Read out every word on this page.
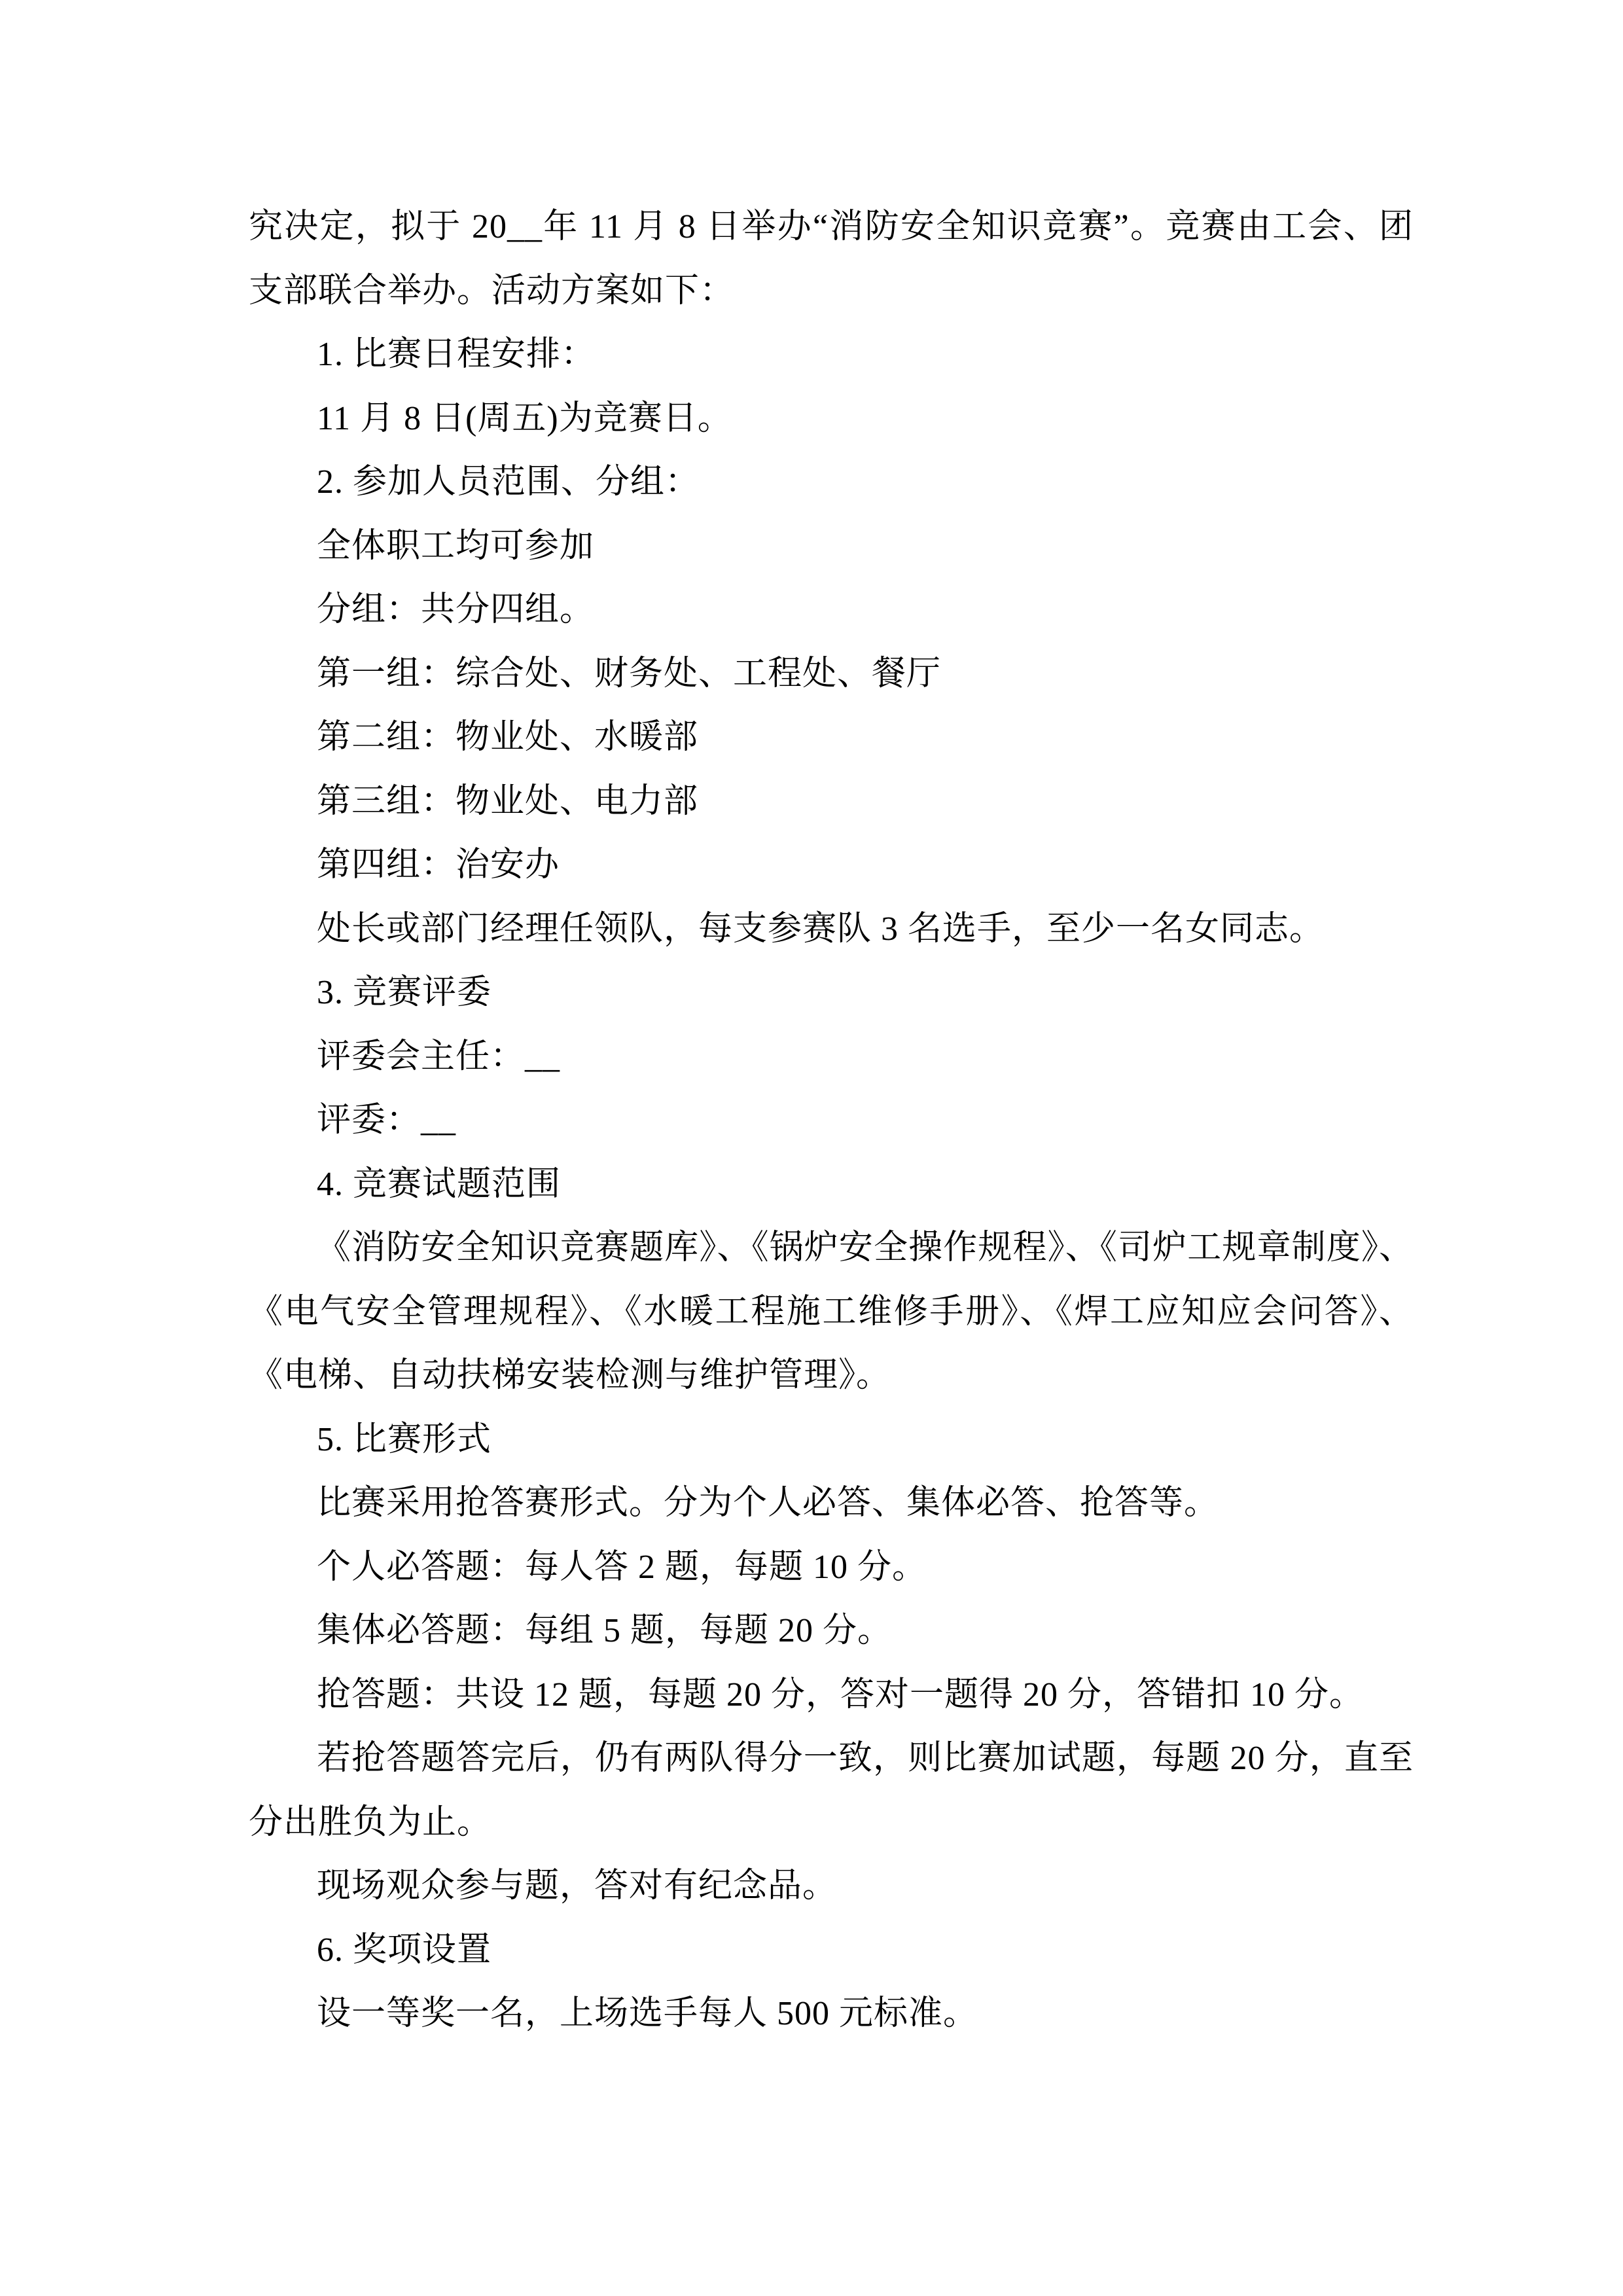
究决定，拟于 20__年 11 月 8 日举办“消防安全知识竞赛”。竞赛由工会、团支部联合举办。活动方案如下：

1. 比赛日程安排：

11 月 8 日(周五)为竞赛日。

2. 参加人员范围、分组：

全体职工均可参加

分组：共分四组。

第一组：综合处、财务处、工程处、餐厅

第二组：物业处、水暖部

第三组：物业处、电力部

第四组：治安办

处长或部门经理任领队，每支参赛队 3 名选手，至少一名女同志。

3. 竞赛评委

评委会主任：__

评委：__

4. 竞赛试题范围

《消防安全知识竞赛题库》、《锅炉安全操作规程》、《司炉工规章制度》、《电气安全管理规程》、《水暖工程施工维修手册》、《焊工应知应会问答》、《电梯、自动扶梯安装检测与维护管理》。

5. 比赛形式

比赛采用抢答赛形式。分为个人必答、集体必答、抢答等。

个人必答题：每人答 2 题，每题 10 分。

集体必答题：每组 5 题，每题 20 分。

抢答题：共设 12 题，每题 20 分，答对一题得 20 分，答错扣 10 分。

若抢答题答完后，仍有两队得分一致，则比赛加试题，每题 20 分，直至分出胜负为止。

现场观众参与题，答对有纪念品。

6. 奖项设置

设一等奖一名，上场选手每人 500 元标准。
